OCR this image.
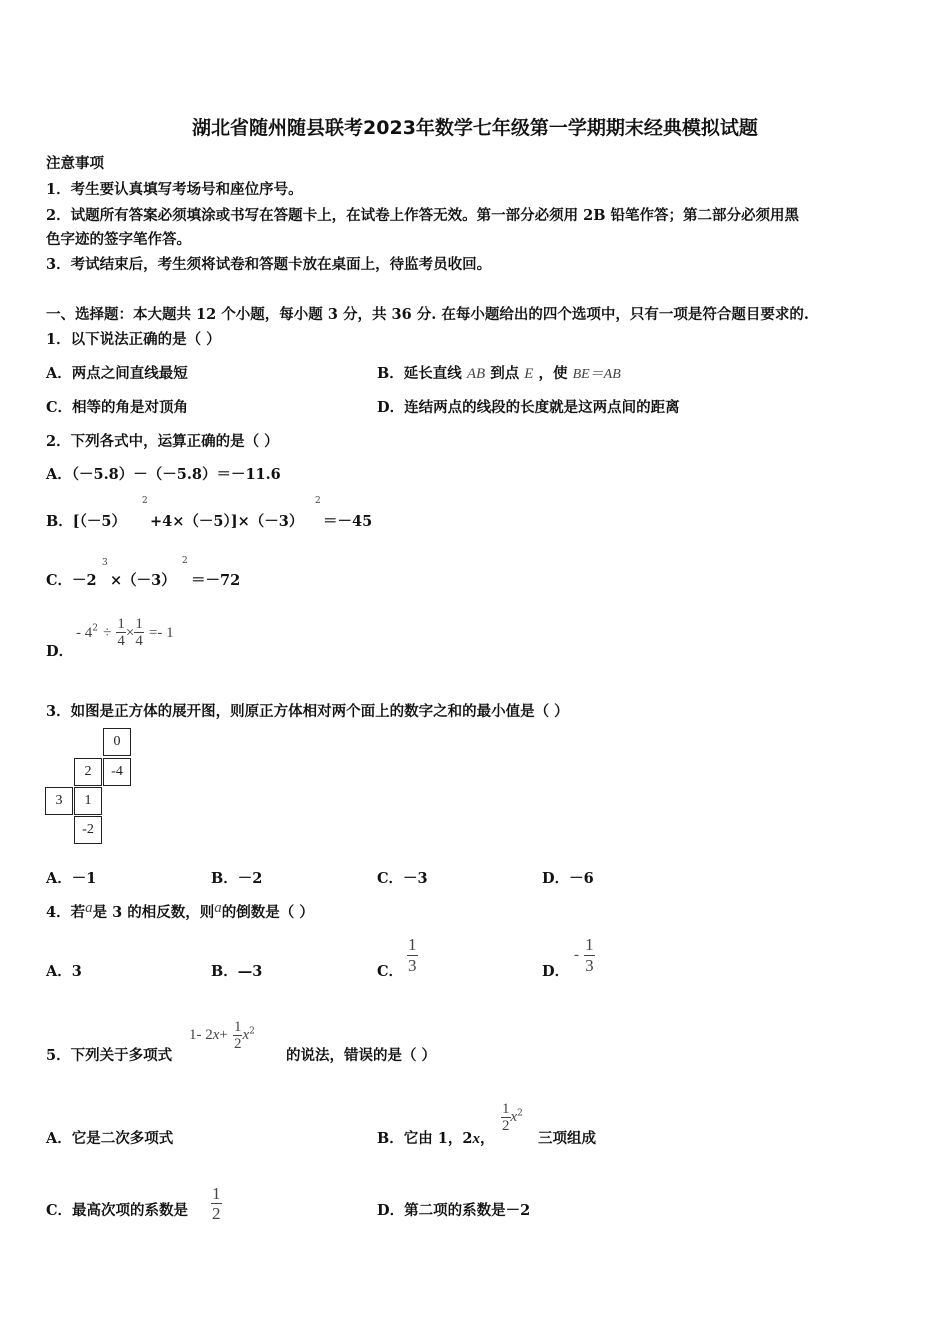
湖北省随州随县联考2023年数学七年级第一学期期末经典模拟试题
注意事项
1．考生要认真填写考场号和座位序号。
2．试题所有答案必须填涂或书写在答题卡上，在试卷上作答无效。第一部分必须用 2B 铅笔作答；第二部分必须用黑
色字迹的签字笔作答。
3．考试结束后，考生须将试卷和答题卡放在桌面上，待监考员收回。
一、选择题：本大题共 12 个小题，每小题 3 分，共 36 分. 在每小题给出的四个选项中，只有一项是符合题目要求的.
1．以下说法正确的是（ ）
A．两点之间直线最短	B．延长直线 AB 到点 E ，使 BE＝AB
C．相等的角是对顶角	D．连结两点的线段的长度就是这两点间的距离
2．下列各式中，运算正确的是（ ）
A．（－5.8）－（－5.8）＝－11.6
B．[（－5）
2
+4×（－5）]×（－3）
2
＝－45
C．－2
3
×（－3）
2
＝－72
D．
- $4^2 \div \frac{1}{4} \times \frac{1}{4} =- 1$
3．如图是正方体的展开图，则原正方体相对两个面上的数字之和的最小值是（ ）
0
2	-4
3	1
-2
A．－1	B．－2	C．－3	D．－6
4．若a是 3 的相反数，则a的倒数是（ ）
A．3	B．—3	C． $\frac{1}{3}$	D．
- $\frac{1}{3}$
5．下列关于多项式
1- $2x+ \frac{1}{2} x^2$
的说法，错误的是（ ）
A．它是二次多项式	B．它由 1，2x，
$\frac{1}{2} x^2$
三项组成
C．最高次项的系数是 $\frac{1}{2}$	D．第二项的系数是－2
